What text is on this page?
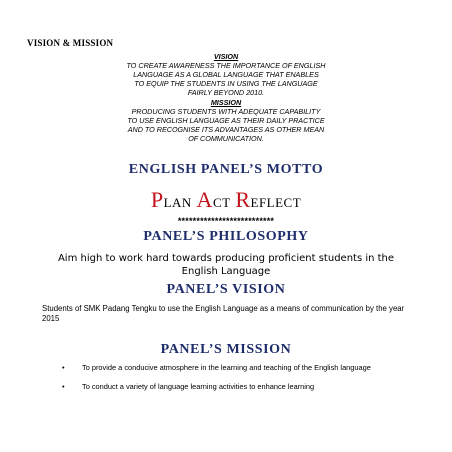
VISION & MISSION
VISION
TO CREATE AWARENESS THE IMPORTANCE OF ENGLISH
LANGUAGE AS A GLOBAL LANGUAGE THAT ENABLES
TO EQUIP THE STUDENTS IN USING THE LANGUAGE
FAIRLY BEYOND 2010.
MISSION
PRODUCING STUDENTS WITH ADEQUATE CAPABILITY
TO USE ENGLISH LANGUAGE AS THEIR DAILY PRACTICE
AND TO RECOGNISE ITS ADVANTAGES AS OTHER MEAN
OF COMMUNICATION.
ENGLISH PANEL’S MOTTO
PLAN ACT REFLECT
**************************
PANEL’S PHILOSOPHY
Aim high to work hard towards producing proficient students in the English Language
PANEL’S VISION
Students of SMK Padang Tengku to use the English Language as a means of communication by the year 2015
PANEL’S MISSION
• To provide a conducive atmosphere in the learning and teaching of the English language
• To conduct a variety of language learning activities to enhance learning
